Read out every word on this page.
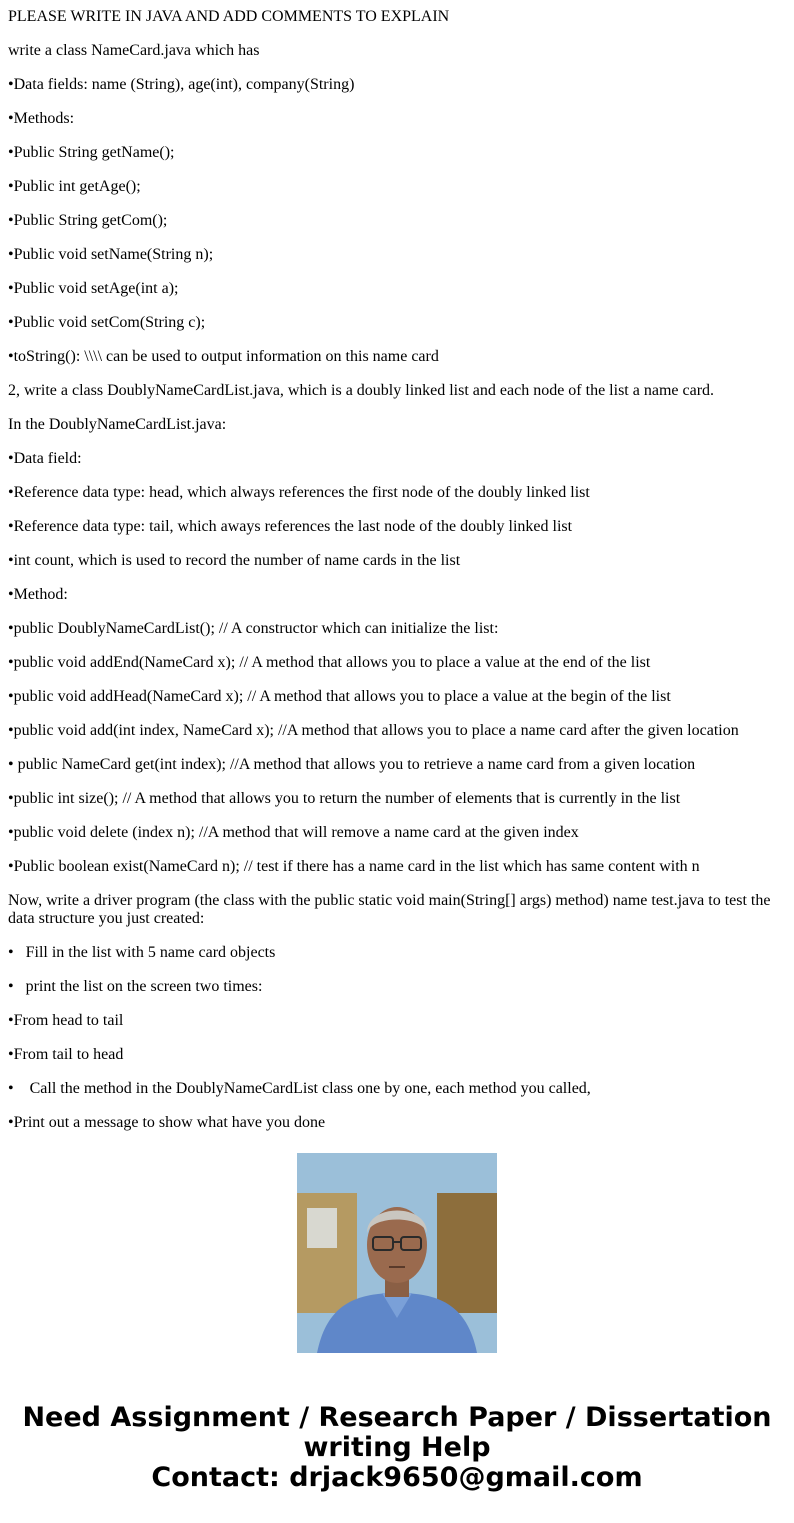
PLEASE WRITE IN JAVA AND ADD COMMENTS TO EXPLAIN

write a class NameCard.java which has

•Data fields: name (String), age(int), company(String)

•Methods:

•Public String getName();

•Public int getAge();

•Public String getCom();

•Public void setName(String n);

•Public void setAge(int a);

•Public void setCom(String c);

•toString(): \\\\ can be used to output information on this name card

2, write a class DoublyNameCardList.java, which is a doubly linked list and each node of the list a name card.

In the DoublyNameCardList.java:

•Data field:

•Reference data type: head, which always references the first node of the doubly linked list

•Reference data type: tail, which aways references the last node of the doubly linked list

•int count, which is used to record the number of name cards in the list

•Method:

•public DoublyNameCardList(); // A constructor which can initialize the list:

•public void addEnd(NameCard x); // A method that allows you to place a value at the end of the list

•public void addHead(NameCard x); // A method that allows you to place a value at the begin of the list

•public void add(int index, NameCard x); //A method that allows you to place a name card after the given location

• public NameCard get(int index); //A method that allows you to retrieve a name card from a given location

•public int size(); // A method that allows you to return the number of elements that is currently in the list

•public void delete (index n); //A method that will remove a name card at the given index

•Public boolean exist(NameCard n); // test if there has a name card in the list which has same content with n

Now, write a driver program (the class with the public static void main(String[] args) method) name test.java to test the data structure you just created:

•   Fill in the list with 5 name card objects

•   print the list on the screen two times:

•From head to tail

•From tail to head

•    Call the method in the DoublyNameCardList class one by one, each method you called,

•Print out a message to show what have you done

Need Assignment / Research Paper / Dissertation
writing Help
Contact: drjack9650@gmail.com
